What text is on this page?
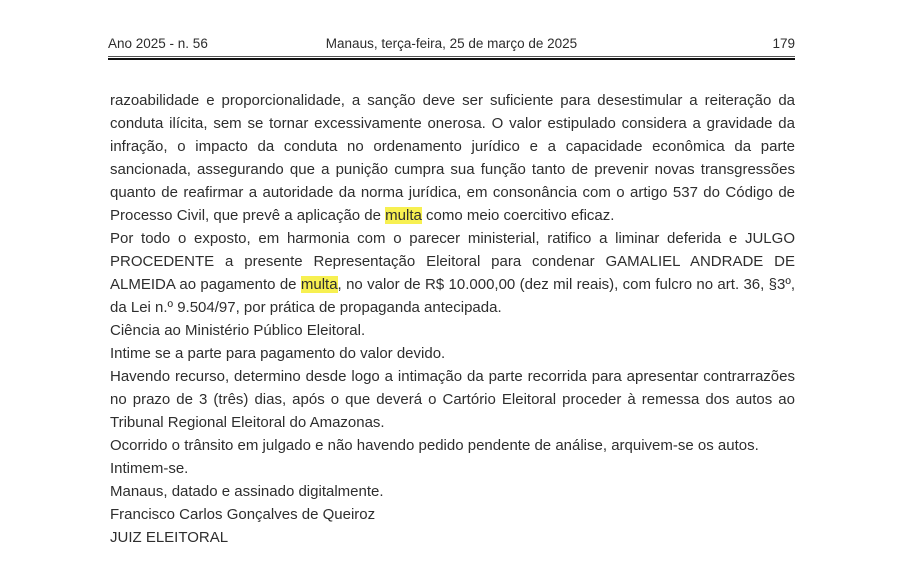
Ano 2025 - n. 56	Manaus, terça-feira, 25 de março de 2025	179

razoabilidade e proporcionalidade, a sanção deve ser suficiente para desestimular a reiteração da conduta ilícita, sem se tornar excessivamente onerosa. O valor estipulado considera a gravidade da infração, o impacto da conduta no ordenamento jurídico e a capacidade econômica da parte sancionada, assegurando que a punição cumpra sua função tanto de prevenir novas transgressões quanto de reafirmar a autoridade da norma jurídica, em consonância com o artigo 537 do Código de Processo Civil, que prevê a aplicação de multa como meio coercitivo eficaz.

Por todo o exposto, em harmonia com o parecer ministerial, ratifico a liminar deferida e JULGO PROCEDENTE a presente Representação Eleitoral para condenar GAMALIEL ANDRADE DE ALMEIDA ao pagamento de multa, no valor de R$ 10.000,00 (dez mil reais), com fulcro no art. 36, §3º, da Lei n.º 9.504/97, por prática de propaganda antecipada.

Ciência ao Ministério Público Eleitoral.

Intime se a parte para pagamento do valor devido.

Havendo recurso, determino desde logo a intimação da parte recorrida para apresentar contrarrazões no prazo de 3 (três) dias, após o que deverá o Cartório Eleitoral proceder à remessa dos autos ao Tribunal Regional Eleitoral do Amazonas.

Ocorrido o trânsito em julgado e não havendo pedido pendente de análise, arquivem-se os autos.

Intimem-se.

Manaus, datado e assinado digitalmente.

Francisco Carlos Gonçalves de Queiroz

JUIZ ELEITORAL
